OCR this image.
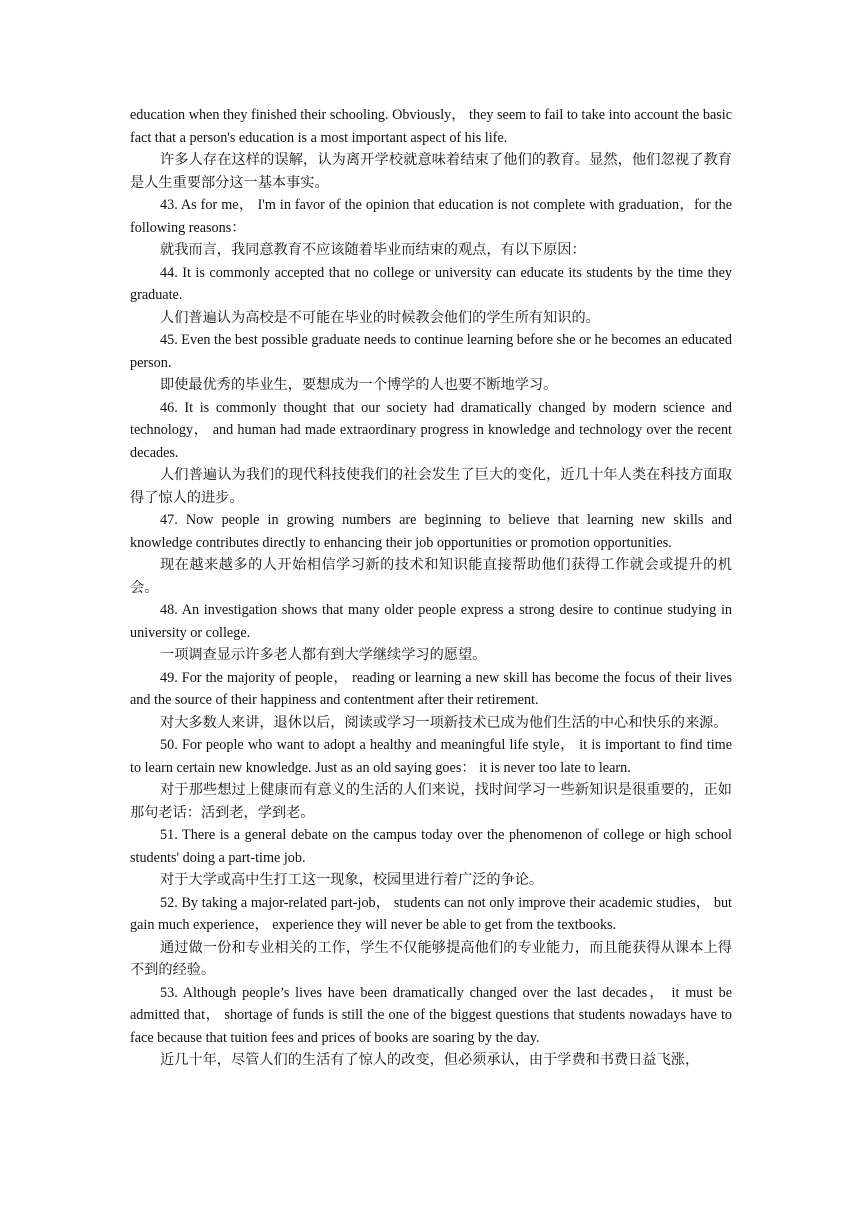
education when they finished their schooling. Obviously， they seem to fail to take into account the basic fact that a person's education is a most important aspect of his life.

许多人存在这样的误解，认为离开学校就意味着结束了他们的教育。显然，他们忽视了教育是人生重要部分这一基本事实。

43. As for me， I'm in favor of the opinion that education is not complete with graduation，for the following reasons：

就我而言，我同意教育不应该随着毕业而结束的观点，有以下原因：

44. It is commonly accepted that no college or university can educate its students by the time they graduate.

人们普遍认为高校是不可能在毕业的时候教会他们的学生所有知识的。

45. Even the best possible graduate needs to continue learning before she or he becomes an educated person.

即使最优秀的毕业生，要想成为一个博学的人也要不断地学习。

46. It is commonly thought that our society had dramatically changed by modern science and technology， and human had made extraordinary progress in knowledge and technology over the recent decades.

人们普遍认为我们的现代科技使我们的社会发生了巨大的变化，近几十年人类在科技方面取得了惊人的进步。

47. Now people in growing numbers are beginning to believe that learning new skills and knowledge contributes directly to enhancing their job opportunities or promotion opportunities.

现在越来越多的人开始相信学习新的技术和知识能直接帮助他们获得工作就会或提升的机会。

48. An investigation shows that many older people express a strong desire to continue studying in university or college.

一项调查显示许多老人都有到大学继续学习的愿望。

49. For the majority of people， reading or learning a new skill has become the focus of their lives and the source of their happiness and contentment after their retirement.

对大多数人来讲，退休以后，阅读或学习一项新技术已成为他们生活的中心和快乐的来源。

50. For people who want to adopt a healthy and meaningful life style， it is important to find time to learn certain new knowledge. Just as an old saying goes： it is never too late to learn.

对于那些想过上健康而有意义的生活的人们来说，找时间学习一些新知识是很重要的，正如那句老话：活到老，学到老。

51. There is a general debate on the campus today over the phenomenon of college or high school students' doing a part-time job.

对于大学或高中生打工这一现象，校园里进行着广泛的争论。

52. By taking a major-related part-job， students can not only improve their academic studies， but gain much experience， experience they will never be able to get from the textbooks.

通过做一份和专业相关的工作，学生不仅能够提高他们的专业能力，而且能获得从课本上得不到的经验。

53. Although people’s lives have been dramatically changed over the last decades， it must be admitted that， shortage of funds is still the one of the biggest questions that students nowadays have to face because that tuition fees and prices of books are soaring by the day.

近几十年，尽管人们的生活有了惊人的改变，但必须承认，由于学费和书费日益飞涨，
